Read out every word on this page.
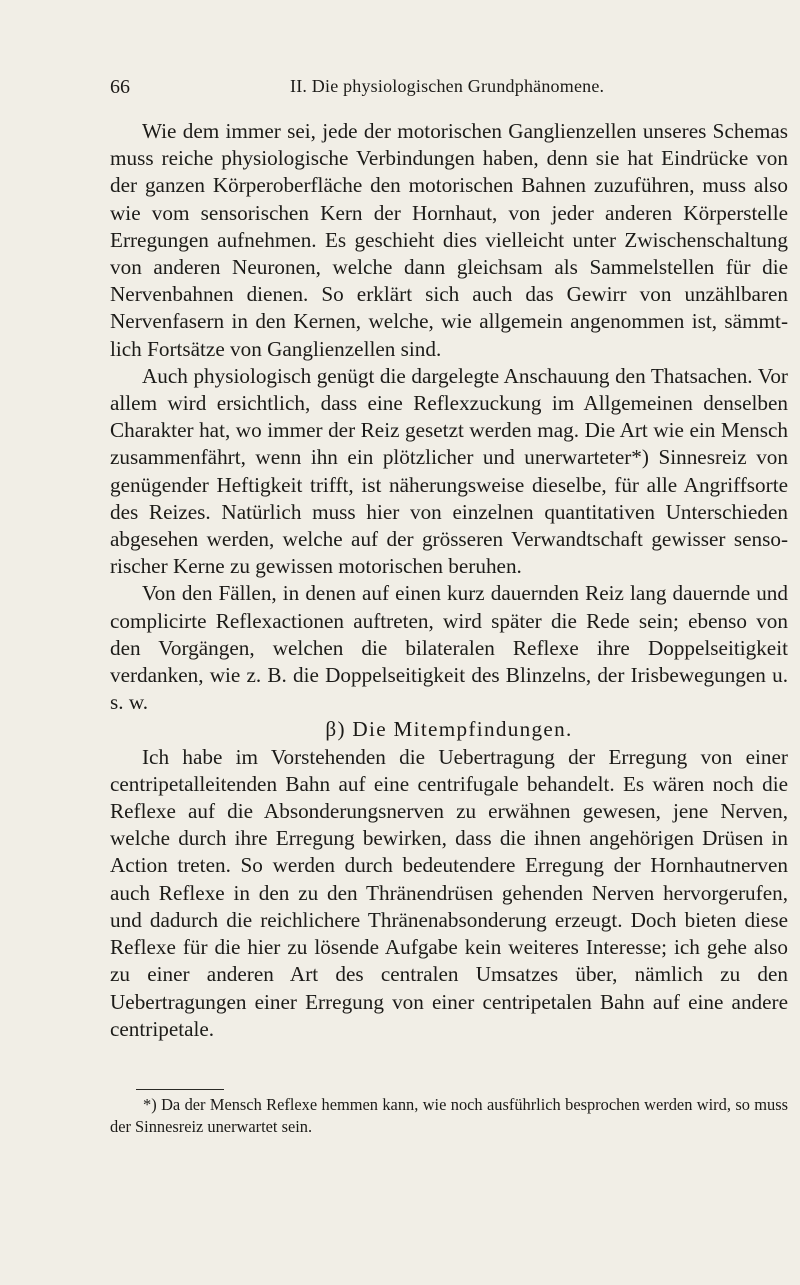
66	II. Die physiologischen Grundphänomene.

Wie dem immer sei, jede der motorischen Ganglienzellen unseres Schemas muss reiche physiologische Verbindungen haben, denn sie hat Eindrücke von der ganzen Körperoberfläche den motorischen Bahnen zuzuführen, muss also wie vom sensorischen Kern der Hornhaut, von jeder anderen Körperstelle Erregungen aufnehmen. Es geschieht dies vielleicht unter Zwischenschaltung von anderen Neuronen, welche dann gleichsam als Sammelstellen für die Nervenbahnen dienen. So erklärt sich auch das Gewirr von unzählbaren Nervenfasern in den Kernen, welche, wie allgemein angenommen ist, sämmtlich Fortsätze von Ganglienzellen sind.

Auch physiologisch genügt die dargelegte Anschauung den Thatsachen. Vor allem wird ersichtlich, dass eine Reflexzuckung im Allgemeinen denselben Charakter hat, wo immer der Reiz gesetzt werden mag. Die Art wie ein Mensch zusammenfährt, wenn ihn ein plötzlicher und unerwarteter*) Sinnesreiz von genügender Heftigkeit trifft, ist näherungsweise dieselbe, für alle Angriffsorte des Reizes. Natürlich muss hier von einzelnen quantitativen Unterschieden abgesehen werden, welche auf der grösseren Verwandtschaft gewisser sensorischer Kerne zu gewissen motorischen beruhen.

Von den Fällen, in denen auf einen kurz dauernden Reiz lang dauernde und complicirte Reflexactionen auftreten, wird später die Rede sein; ebenso von den Vorgängen, welchen die bilateralen Reflexe ihre Doppelseitigkeit verdanken, wie z. B. die Doppelseitigkeit des Blinzelns, der Irisbewegungen u. s. w.

β) Die Mitempfindungen.

Ich habe im Vorstehenden die Uebertragung der Erregung von einer centripetalleitenden Bahn auf eine centrifugale behandelt. Es wären noch die Reflexe auf die Absonderungsnerven zu erwähnen gewesen, jene Nerven, welche durch ihre Erregung bewirken, dass die ihnen angehörigen Drüsen in Action treten. So werden durch bedeutendere Erregung der Hornhautnerven auch Reflexe in den zu den Thränendrüsen gehenden Nerven hervorgerufen, und dadurch die reichlichere Thränenabsonderung erzeugt. Doch bieten diese Reflexe für die hier zu lösende Aufgabe kein weiteres Interesse; ich gehe also zu einer anderen Art des centralen Umsatzes über, nämlich zu den Uebertragungen einer Erregung von einer centripetalen Bahn auf eine andere centripetale.

*) Da der Mensch Reflexe hemmen kann, wie noch ausführlich besprochen werden wird, so muss der Sinnesreiz unerwartet sein.
